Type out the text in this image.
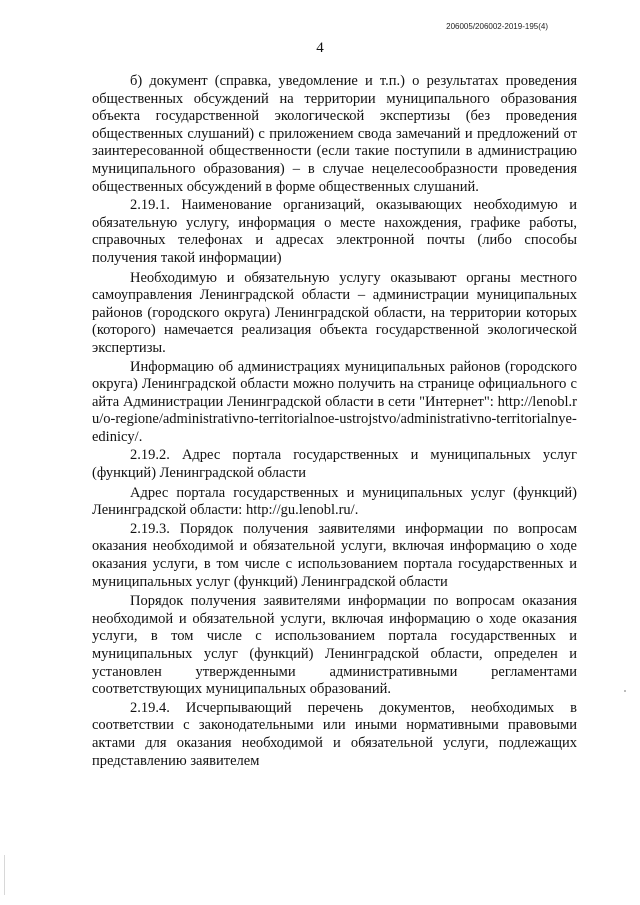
206005/206002-2019-195(4)
4

б) документ (справка, уведомление и т.п.) о результатах проведения общественных обсуждений на территории муниципального образования объекта государственной экологической экспертизы (без проведения общественных слушаний) с приложением свода замечаний и предложений от заинтересованной общественности (если такие поступили в администрацию муниципального образования) – в случае нецелесообразности проведения общественных обсуждений в форме общественных слушаний.

2.19.1. Наименование организаций, оказывающих необходимую и обязательную услугу, информация о месте нахождения, графике работы, справочных телефонах и адресах электронной почты (либо способы получения такой информации)

Необходимую и обязательную услугу оказывают органы местного самоуправления Ленинградской области – администрации муниципальных районов (городского округа) Ленинградской области, на территории которых (которого) намечается реализация объекта государственной экологической экспертизы.

Информацию об администрациях муниципальных районов (городского округа) Ленинградской области можно получить на странице официального сайта Администрации Ленинградской области в сети "Интернет": http://lenobl.ru/o-regione/administrativno-territorialnoe-ustrojstvo/administrativno-territorialnye-edinicy/.

2.19.2. Адрес портала государственных и муниципальных услуг (функций) Ленинградской области

Адрес портала государственных и муниципальных услуг (функций) Ленинградской области: http://gu.lenobl.ru/.

2.19.3. Порядок получения заявителями информации по вопросам оказания необходимой и обязательной услуги, включая информацию о ходе оказания услуги, в том числе с использованием портала государственных и муниципальных услуг (функций) Ленинградской области

Порядок получения заявителями информации по вопросам оказания необходимой и обязательной услуги, включая информацию о ходе оказания услуги, в том числе с использованием портала государственных и муниципальных услуг (функций) Ленинградской области, определен и установлен утвержденными административными регламентами соответствующих муниципальных образований.

2.19.4. Исчерпывающий перечень документов, необходимых в соответствии с законодательными или иными нормативными правовыми актами для оказания необходимой и обязательной услуги, подлежащих представлению заявителем
